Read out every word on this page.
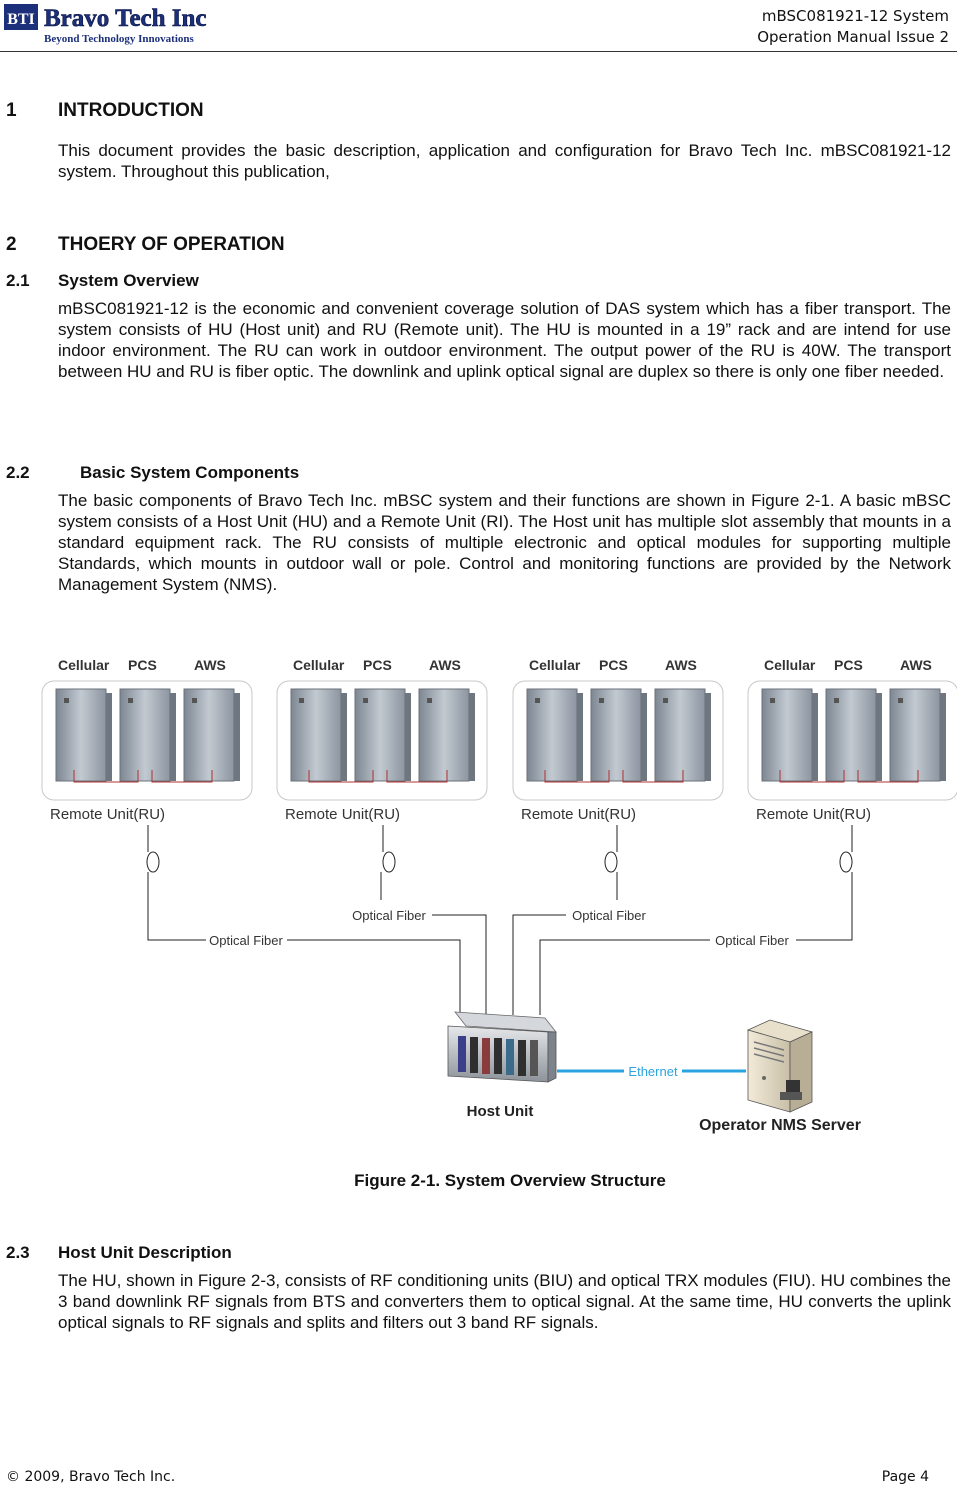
BTI Bravo Tech Inc
Beyond Technology Innovations
mBSC081921-12 System
Operation Manual Issue 2
1 INTRODUCTION
This document provides the basic description, application and configuration for Bravo Tech Inc. mBSC081921-12 system. Throughout this publication,
2 THOERY OF OPERATION
2.1 System Overview
mBSC081921-12 is the economic and convenient coverage solution of DAS system which has a fiber transport. The system consists of HU (Host unit) and RU (Remote unit). The HU is mounted in a 19” rack and are intend for use indoor environment. The RU can work in outdoor environment. The output power of the RU is 40W. The transport between HU and RU is fiber optic. The downlink and uplink optical signal are duplex so there is only one fiber needed.
2.2	Basic System Components
The basic components of Bravo Tech Inc. mBSC system and their functions are shown in Figure 2-1. A basic mBSC system consists of a Host Unit (HU) and a Remote Unit (RI). The Host unit has multiple slot assembly that mounts in a standard equipment rack. The RU consists of multiple electronic and optical modules for supporting multiple Standards, which mounts in outdoor wall or pole. Control and monitoring functions are provided by the Network Management System (NMS).
Cellular PCS	AWS
Remote Unit(RU)
Cellular PCS	AWS
Remote Unit(RU)
Cellular PCS	AWS
Remote Unit(RU)
Cellular PCS	AWS
Remote Unit(RU)
Optical Fiber
Optical Fiber	Optical Fiber
Optical Fiber
Host Unit
Ethernet
Operator NMS Server
Figure 2-1. System Overview Structure
2.3 Host Unit Description
The HU, shown in Figure 2-3, consists of RF conditioning units (BIU) and optical TRX modules (FIU). HU combines the 3 band downlink RF signals from BTS and converters them to optical signal. At the same time, HU converts the uplink optical signals to RF signals and splits and filters out 3 band RF signals.
© 2009, Bravo Tech Inc.	Page 4
